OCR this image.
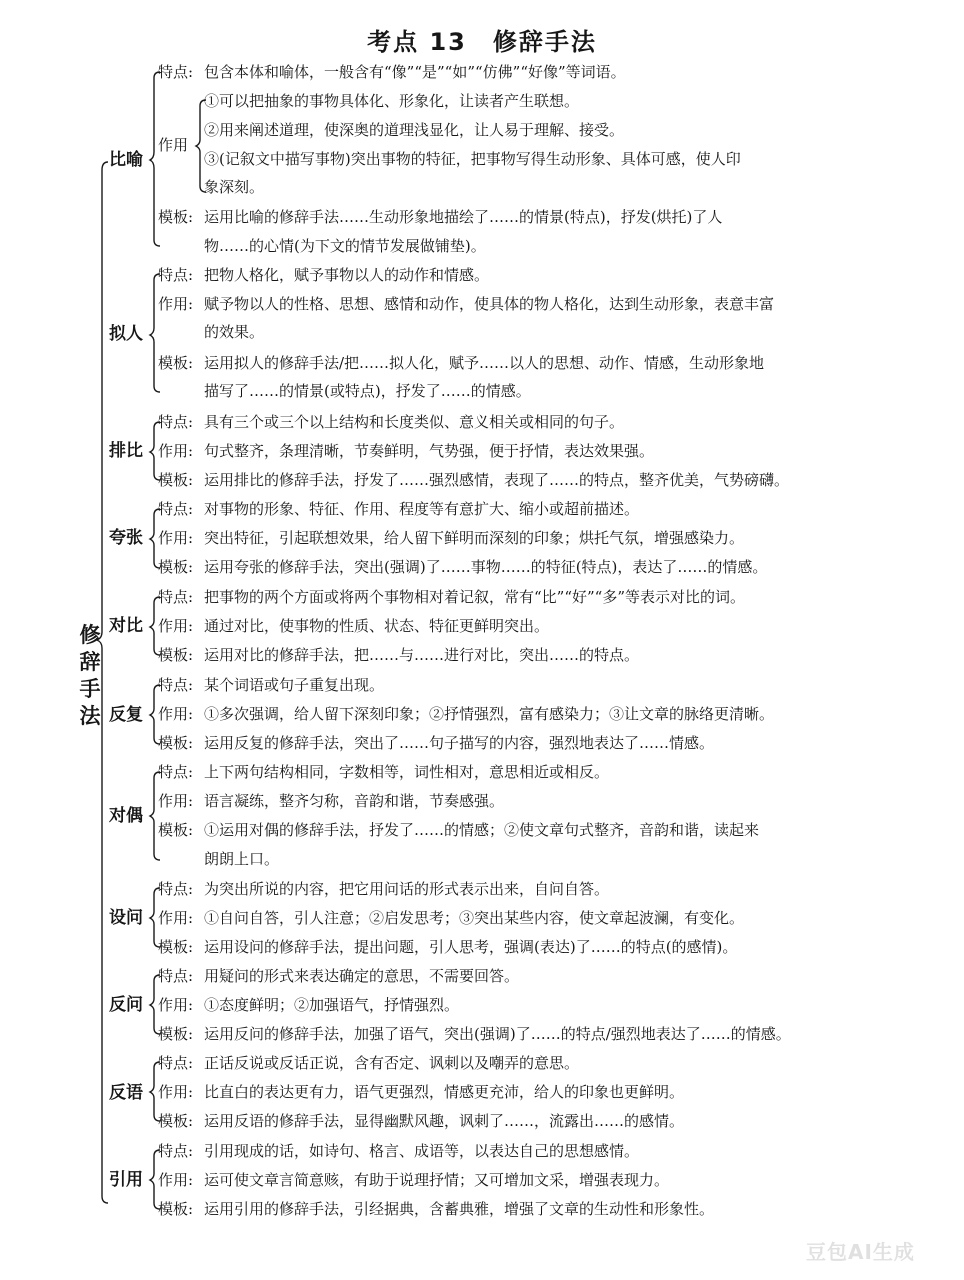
考点 13　修辞手法
修辞手法
比喻
特点: 包含本体和喻体，一般含有“像”“是”“如”“仿佛”“好像”等词语。
作用
①可以把抽象的事物具体化、形象化，让读者产生联想。
②用来阐述道理，使深奥的道理浅显化，让人易于理解、接受。
③(记叙文中描写事物)突出事物的特征，把事物写得生动形象、具体可感，使人印
象深刻。
模板: 运用比喻的修辞手法……生动形象地描绘了……的情景(特点)，抒发(烘托)了人
物……的心情(为下文的情节发展做铺垫)。
拟人
特点: 把物人格化，赋予事物以人的动作和情感。
作用: 赋予物以人的性格、思想、感情和动作，使具体的物人格化，达到生动形象，表意丰富
的效果。
模板: 运用拟人的修辞手法/把……拟人化，赋予……以人的思想、动作、情感，生动形象地
描写了……的情景(或特点)，抒发了……的情感。
排比
特点: 具有三个或三个以上结构和长度类似、意义相关或相同的句子。
作用: 句式整齐，条理清晰，节奏鲜明，气势强，便于抒情，表达效果强。
模板: 运用排比的修辞手法，抒发了……强烈感情，表现了……的特点，整齐优美，气势磅礴。
夸张
特点: 对事物的形象、特征、作用、程度等有意扩大、缩小或超前描述。
作用: 突出特征，引起联想效果，给人留下鲜明而深刻的印象；烘托气氛，增强感染力。
模板: 运用夸张的修辞手法，突出(强调)了……事物……的特征(特点)，表达了……的情感。
对比
特点: 把事物的两个方面或将两个事物相对着记叙，常有“比”“好”“多”等表示对比的词。
作用: 通过对比，使事物的性质、状态、特征更鲜明突出。
模板: 运用对比的修辞手法，把……与……进行对比，突出……的特点。
反复
特点: 某个词语或句子重复出现。
作用: ①多次强调，给人留下深刻印象；②抒情强烈，富有感染力；③让文章的脉络更清晰。
模板: 运用反复的修辞手法，突出了……句子描写的内容，强烈地表达了……情感。
对偶
特点: 上下两句结构相同，字数相等，词性相对，意思相近或相反。
作用: 语言凝练，整齐匀称，音韵和谐，节奏感强。
模板: ①运用对偶的修辞手法，抒发了……的情感；②使文章句式整齐，音韵和谐，读起来
朗朗上口。
设问
特点: 为突出所说的内容，把它用问话的形式表示出来，自问自答。
作用: ①自问自答，引人注意；②启发思考；③突出某些内容，使文章起波澜，有变化。
模板: 运用设问的修辞手法，提出问题，引人思考，强调(表达)了……的特点(的感情)。
反问
特点: 用疑问的形式来表达确定的意思，不需要回答。
作用: ①态度鲜明；②加强语气，抒情强烈。
模板: 运用反问的修辞手法，加强了语气，突出(强调)了……的特点/强烈地表达了……的情感。
反语
特点: 正话反说或反话正说，含有否定、讽刺以及嘲弄的意思。
作用: 比直白的表达更有力，语气更强烈，情感更充沛，给人的印象也更鲜明。
模板: 运用反语的修辞手法，显得幽默风趣，讽刺了……，流露出……的感情。
引用
特点: 引用现成的话，如诗句、格言、成语等，以表达自己的思想感情。
作用: 运可使文章言简意赅，有助于说理抒情；又可增加文采，增强表现力。
模板: 运用引用的修辞手法，引经据典，含蓄典雅，增强了文章的生动性和形象性。
豆包AI生成
